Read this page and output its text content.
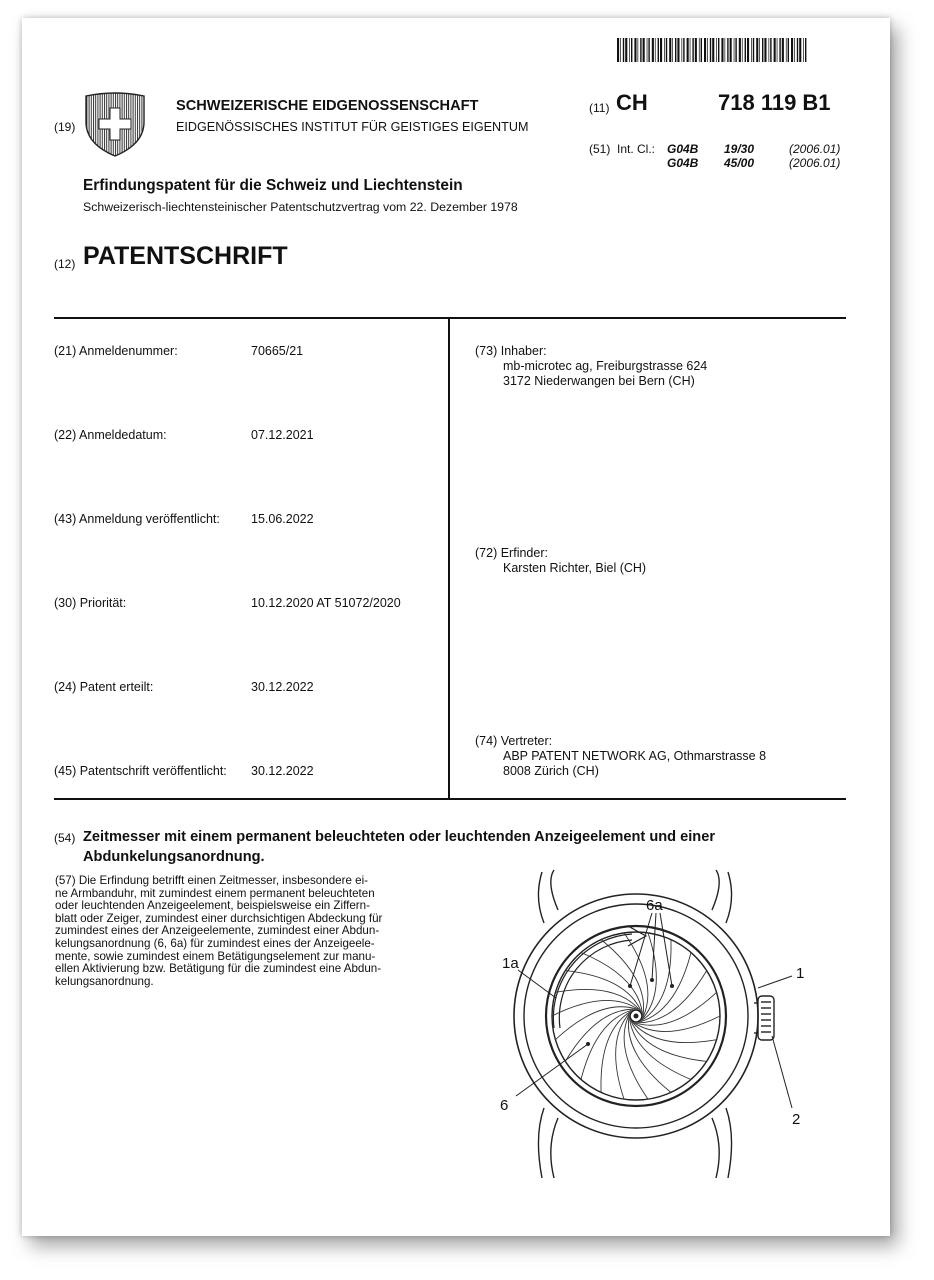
(19)
SCHWEIZERISCHE EIDGENOSSENSCHAFT
EIDGENÖSSISCHES INSTITUT FÜR GEISTIGES EIGENTUM
(11) CH	718 119 B1
(51) Int. Cl.: G04B 19/30	(2006.01)
G04B 45/00	(2006.01)
Erfindungspatent für die Schweiz und Liechtenstein
Schweizerisch-liechtensteinischer Patentschutzvertrag vom 22. Dezember 1978
(12) PATENTSCHRIFT
(21) Anmeldenummer:	70665/21
(22) Anmeldedatum:	07.12.2021
(43) Anmeldung veröffentlicht: 15.06.2022
(30) Priorität:	10.12.2020 AT 51072/2020
(24) Patent erteilt:	30.12.2022
(45) Patentschrift veröffentlicht: 30.12.2022
(73) Inhaber:
mb-microtec ag, Freiburgstrasse 624
3172 Niederwangen bei Bern (CH)
(72) Erfinder:
Karsten Richter, Biel (CH)
(74) Vertreter:
ABP PATENT NETWORK AG, Othmarstrasse 8
8008 Zürich (CH)
(54) Zeitmesser mit einem permanent beleuchteten oder leuchtenden Anzeigeelement und einer
Abdunkelungsanordnung.
(57) Die Erfindung betrifft einen Zeitmesser, insbesondere ei-
ne Armbanduhr, mit zumindest einem permanent beleuchteten
oder leuchtenden Anzeigeelement, beispielsweise ein Ziffern-
blatt oder Zeiger, zumindest einer durchsichtigen Abdeckung für
zumindest eines der Anzeigeelemente, zumindest einer Abdun-
kelungsanordnung (6, 6a) für zumindest eines der Anzeigeele-
mente, sowie zumindest einem Betätigungselement zur manu-
ellen Aktivierung bzw. Betätigung für die zumindest eine Abdun-
kelungsanordnung.
6a
1a
1
6
2
